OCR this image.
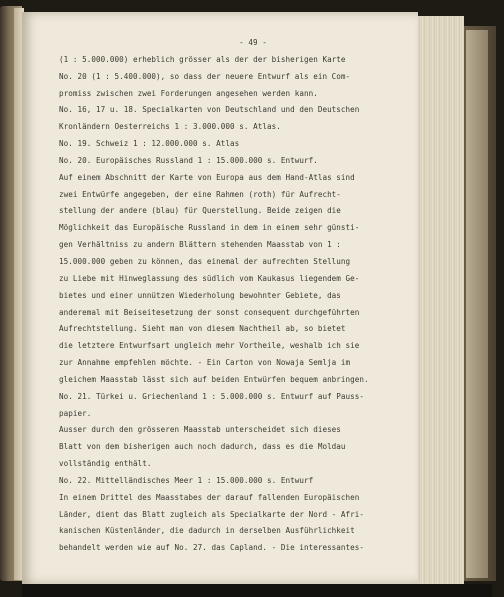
- 49 -
(1 : 5.000.000) erheblich grösser als der der bisherigen Karte
No. 20 (1 : 5.400.000), so dass der neuere Entwurf als ein Com-
promiss zwischen zwei Forderungen angesehen werden kann.
No. 16, 17 u. 18. Specialkarten von Deutschland und den Deutschen
Kronländern Oesterreichs 1 : 3.000.000 s. Atlas.
No. 19. Schweiz 1 : 12.000.000 s. Atlas
No. 20. Europäisches Russland 1 : 15.000.000 s. Entwurf.
Auf einem Abschnitt der Karte von Europa aus dem Hand-Atlas sind
zwei Entwürfe angegeben, der eine Rahmen (roth) für Aufrecht-
stellung der andere (blau) für Querstellung. Beide zeigen die
Möglichkeit das Europäische Russland in dem in einem sehr günsti-
gen Verhältniss zu andern Blättern stehenden Maasstab von 1 :
15.000.000 geben zu können, das einemal der aufrechten Stellung
zu Liebe mit Hinweglassung des südlich vom Kaukasus liegendem Ge-
bietes und einer unnützen Wiederholung bewohnter Gebiete, das
anderemal mit Beiseitesetzung der sonst consequent durchgeführten
Aufrechtstellung. Sieht man von diesem Nachtheil ab, so bietet
die letztere Entwurfsart ungleich mehr Vortheile, weshalb ich sie
zur Annahme empfehlen möchte. - Ein Carton von Nowaja Semlja im
gleichem Maasstab lässt sich auf beiden Entwürfen bequem anbringen.
No. 21. Türkei u. Griechenland 1 : 5.000.000 s. Entwurf auf Pauss-
papier.
Ausser durch den grösseren Maasstab unterscheidet sich dieses
Blatt von dem bisherigen auch noch dadurch, dass es die Moldau
vollständig enthält.
No. 22. Mittelländisches Meer 1 : 15.000.000 s. Entwurf
In einem Drittel des Maasstabes der darauf fallenden Europäischen
Länder, dient das Blatt zugleich als Specialkarte der Nord - Afri-
kanischen Küstenländer, die dadurch in derselben Ausführlichkeit
behandelt werden wie auf No. 27. das Capland. - Die interessantes-
